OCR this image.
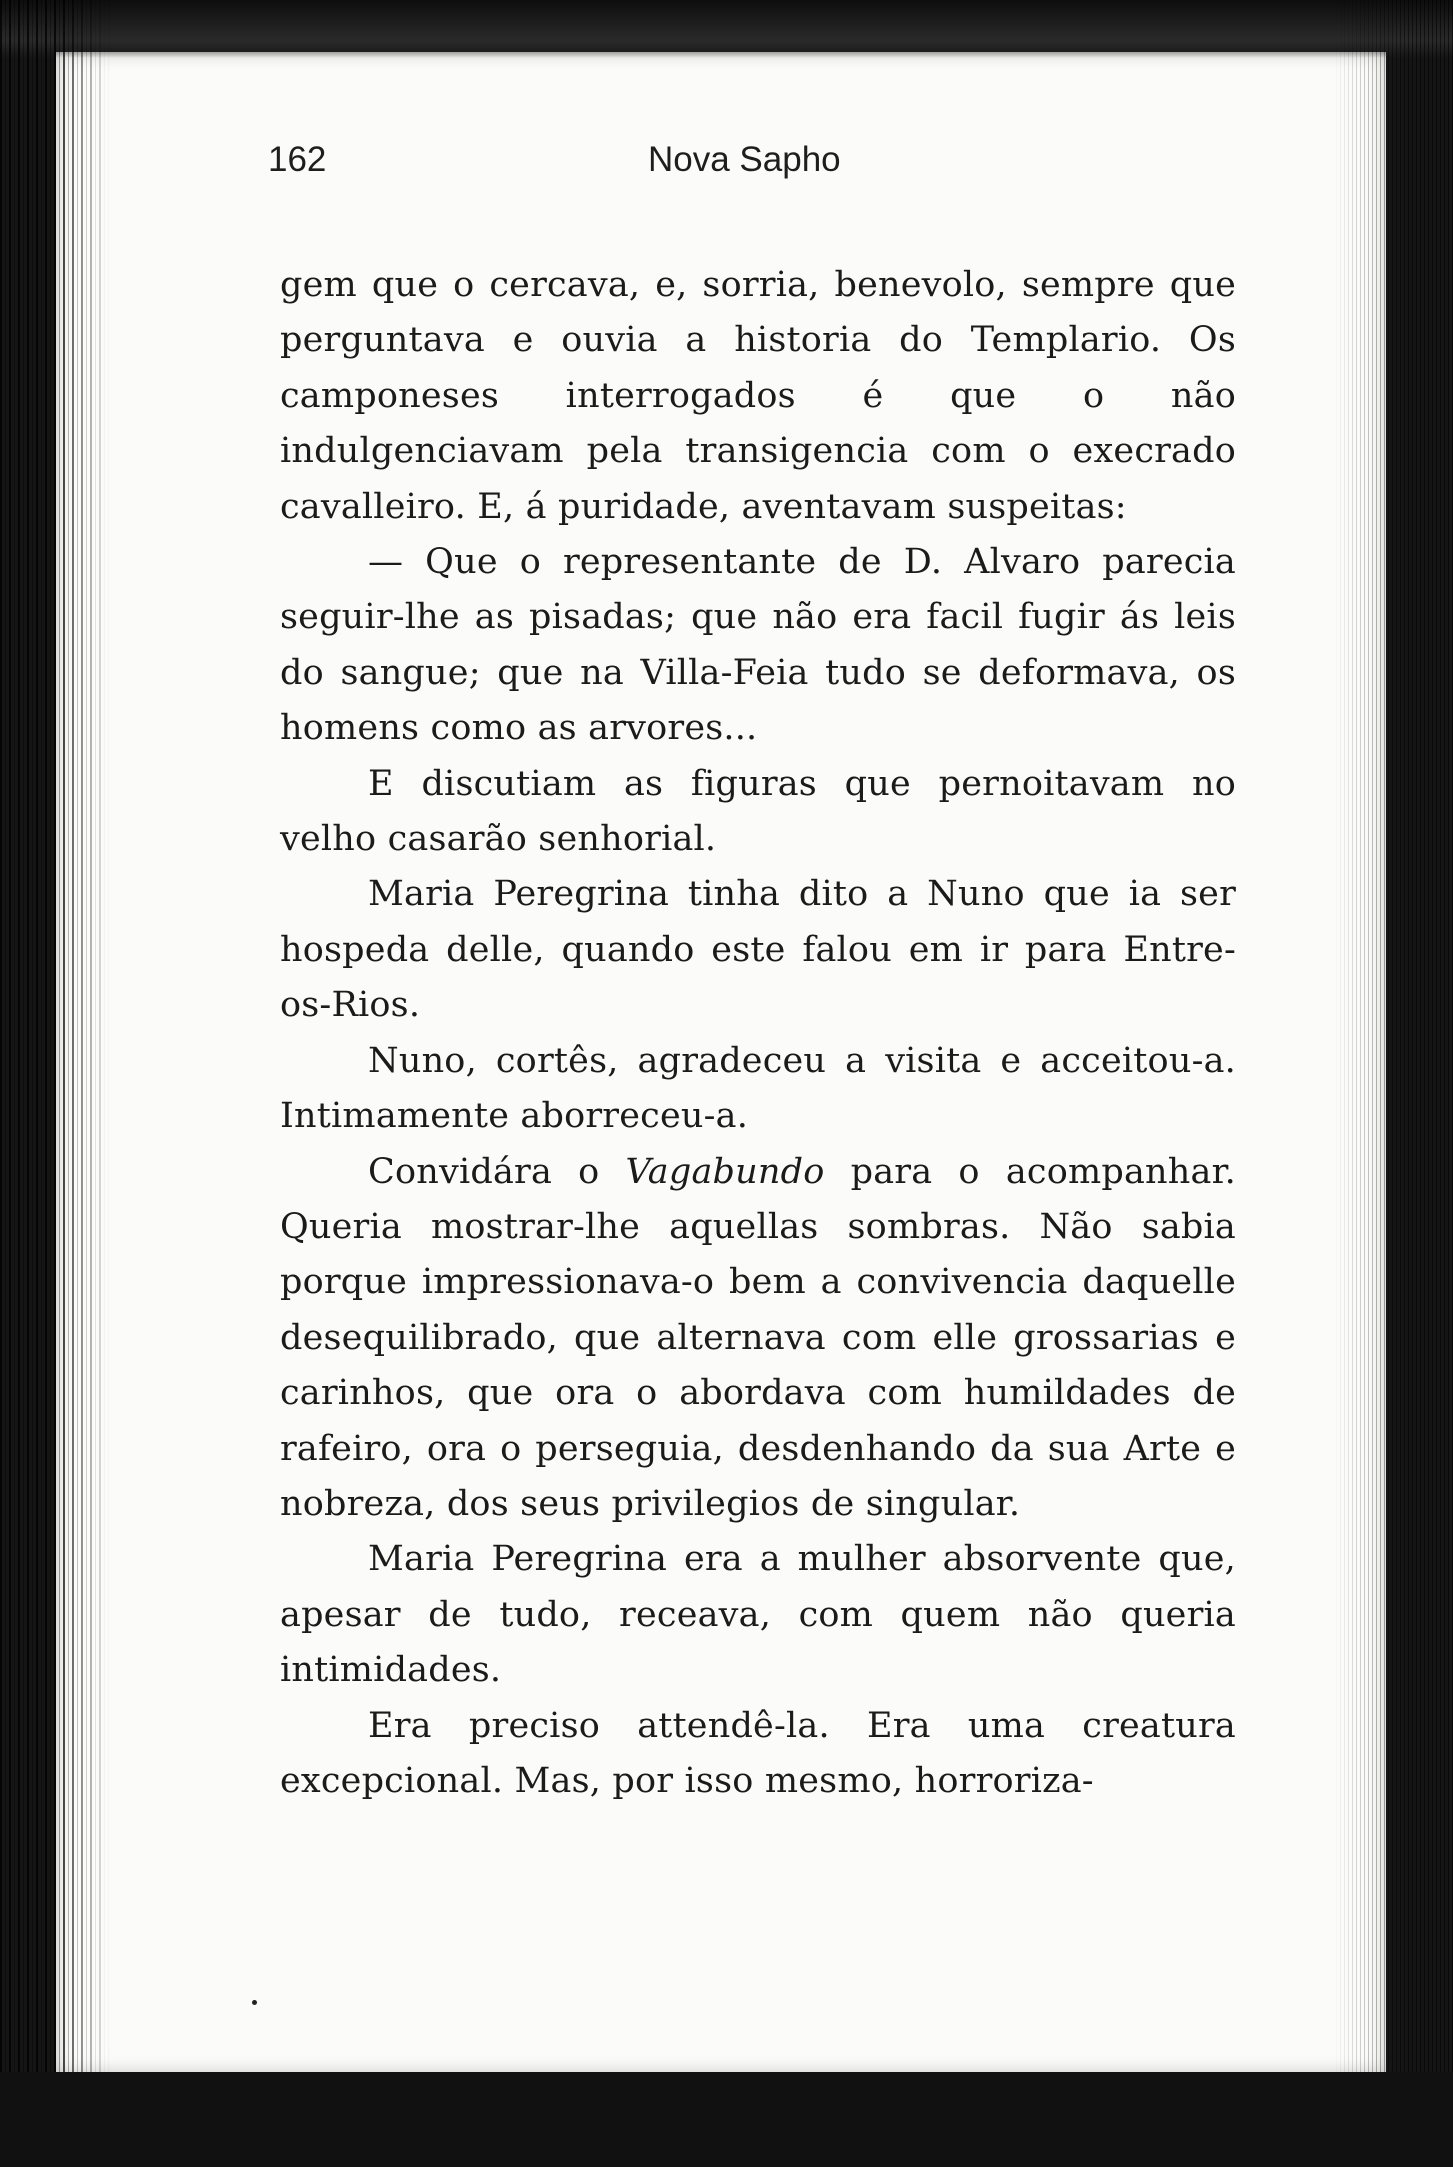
162	Nova Sapho

gem que o cercava, e, sorria, benevolo, sempre que perguntava e ouvia a historia do Templario. Os camponeses interrogados é que o não indulgenciavam pela transigencia com o execrado cavalleiro. E, á puridade, aventavam suspeitas:

— Que o representante de D. Alvaro parecia seguir-lhe as pisadas; que não era facil fugir ás leis do sangue; que na Villa-Feia tudo se deformava, os homens como as arvores...

E discutiam as figuras que pernoitavam no velho casarão senhorial.

Maria Peregrina tinha dito a Nuno que ia ser hospeda delle, quando este falou em ir para Entre-os-Rios.

Nuno, cortês, agradeceu a visita e acceitou-a. Intimamente aborreceu-a.

Convidára o Vagabundo para o acompanhar. Queria mostrar-lhe aquellas sombras. Não sabia porque impressionava-o bem a convivencia daquelle desequilibrado, que alternava com elle grossarias e carinhos, que ora o abordava com humildades de rafeiro, ora o perseguia, desdenhando da sua Arte e nobreza, dos seus privilegios de singular.

Maria Peregrina era a mulher absorvente que, apesar de tudo, receava, com quem não queria intimidades.

Era preciso attendê-la. Era uma creatura excepcional. Mas, por isso mesmo, horroriza-
